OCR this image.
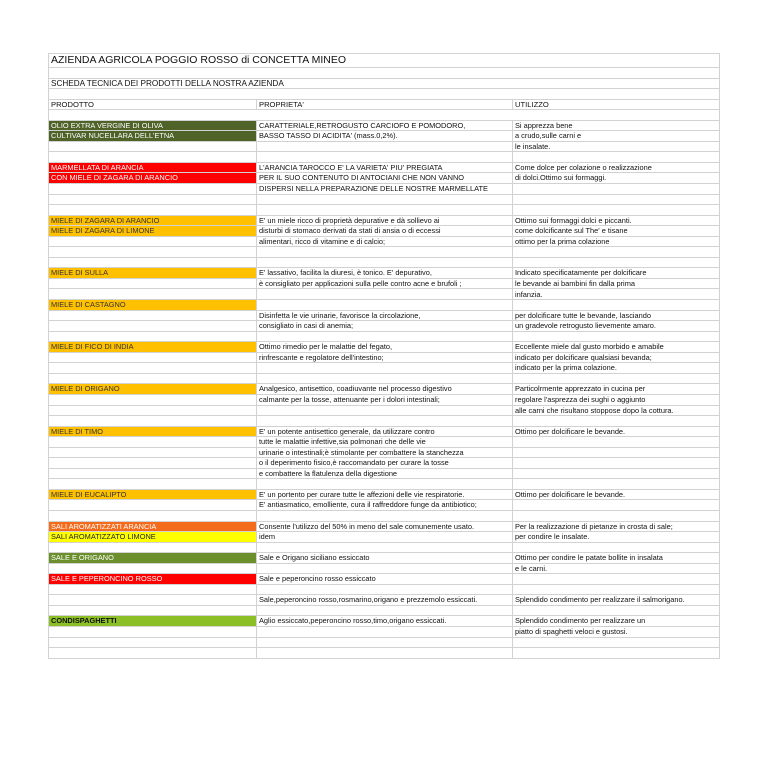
AZIENDA AGRICOLA POGGIO ROSSO di CONCETTA MINEO		

SCHEDA TECNICA DEI PRODOTTI DELLA NOSTRA AZIENDA		

PRODOTTO	PROPRIETA'	UTILIZZO

OLIO EXTRA VERGINE DI OLIVA	CARATTERIALE,RETROGUSTO CARCIOFO E POMODORO,	Si apprezza bene
CULTIVAR NUCELLARA DELL'ETNA	BASSO TASSO DI ACIDITA' (mass.0,2%).	a crudo,sulle carni e
		le insalate.

MARMELLATA DI ARANCIA	L'ARANCIA TAROCCO E' LA VARIETA' PIU' PREGIATA	Come dolce per colazione o realizzazione
CON MIELE DI ZAGARA DI ARANCIO	PER IL SUO CONTENUTO DI ANTOCIANI CHE NON VANNO	di dolci.Ottimo sui formaggi.
	DISPERSI NELLA PREPARAZIONE DELLE NOSTRE MARMELLATE	

MIELE DI ZAGARA DI ARANCIO	E' un miele ricco di proprietà depurative e dà sollievo ai	Ottimo sui formaggi dolci e piccanti.
MIELE DI ZAGARA DI LIMONE	disturbi di stomaco derivati da stati di ansia o di eccessi	come dolcificante sul The' e tisane
	alimentari, ricco di vitamine e di calcio;	ottimo per la prima colazione

MIELE DI SULLA	E' lassativo, facilita la diuresi, è tonico. E' depurativo,	Indicato specificatamente per dolcificare
	è consigliato per applicazioni sulla pelle contro acne e brufoli ;	le bevande ai bambini fin dalla prima
		infanzia.
MIELE DI CASTAGNO		
	Disinfetta le vie urinarie, favorisce la circolazione,	per dolcificare tutte le bevande, lasciando
	consigliato in casi di anemia;	un gradevole retrogusto lievemente amaro.

MIELE DI FICO DI INDIA	Ottimo rimedio per le malattie del fegato,	Eccellente miele dal gusto morbido e amabile
	rinfrescante e regolatore dell'intestino;	indicato per dolcificare qualsiasi bevanda;
		indicato per la prima colazione.

MIELE DI ORIGANO	Analgesico, antisettico, coadiuvante nel processo digestivo	Particolrmente apprezzato in cucina per
	calmante per la tosse, attenuante per i dolori intestinali;	regolare l'asprezza dei sughi o aggiunto
		alle carni che risultano stoppose dopo la cottura.

MIELE DI TIMO	E' un potente antisettico generale, da utilizzare contro	Ottimo per dolcificare le bevande.
	tutte le malattie infettive,sia polmonari che delle vie	
	urinarie o intestinali;è stimolante per combattere la stanchezza	
	o il deperimento fisico,è raccomandato per curare la tosse	
	e combattere la flatulenza della digestione	

MIELE DI EUCALIPTO	E' un portento per curare tutte le affezioni delle vie respiratorie.	Ottimo per dolcificare le bevande.
	E' antiasmatico, emolliente, cura il raffreddore funge da antibiotico;	

SALI AROMATIZZATI ARANCIA	Consente l'utilizzo del 50% in meno del sale comunemente usato.	Per la realizzazione di pietanze in crosta di sale;
SALI AROMATIZZATO LIMONE	idem	per condire le insalate.

SALE E ORIGANO	Sale e Origano siciliano essiccato	Ottimo per condire le patate bollite in insalata
		e le carni.
SALE E PEPERONCINO ROSSO	Sale e peperoncino rosso essiccato	

	Sale,peperoncino rosso,rosmarino,origano e prezzemolo essiccati.	Splendido condimento per realizzare il salmorigano.

CONDISPAGHETTI	Aglio essiccato,peperoncino rosso,timo,origano essiccati.	Splendido condimento per realizzare un
		piatto di spaghetti veloci e gustosi.
